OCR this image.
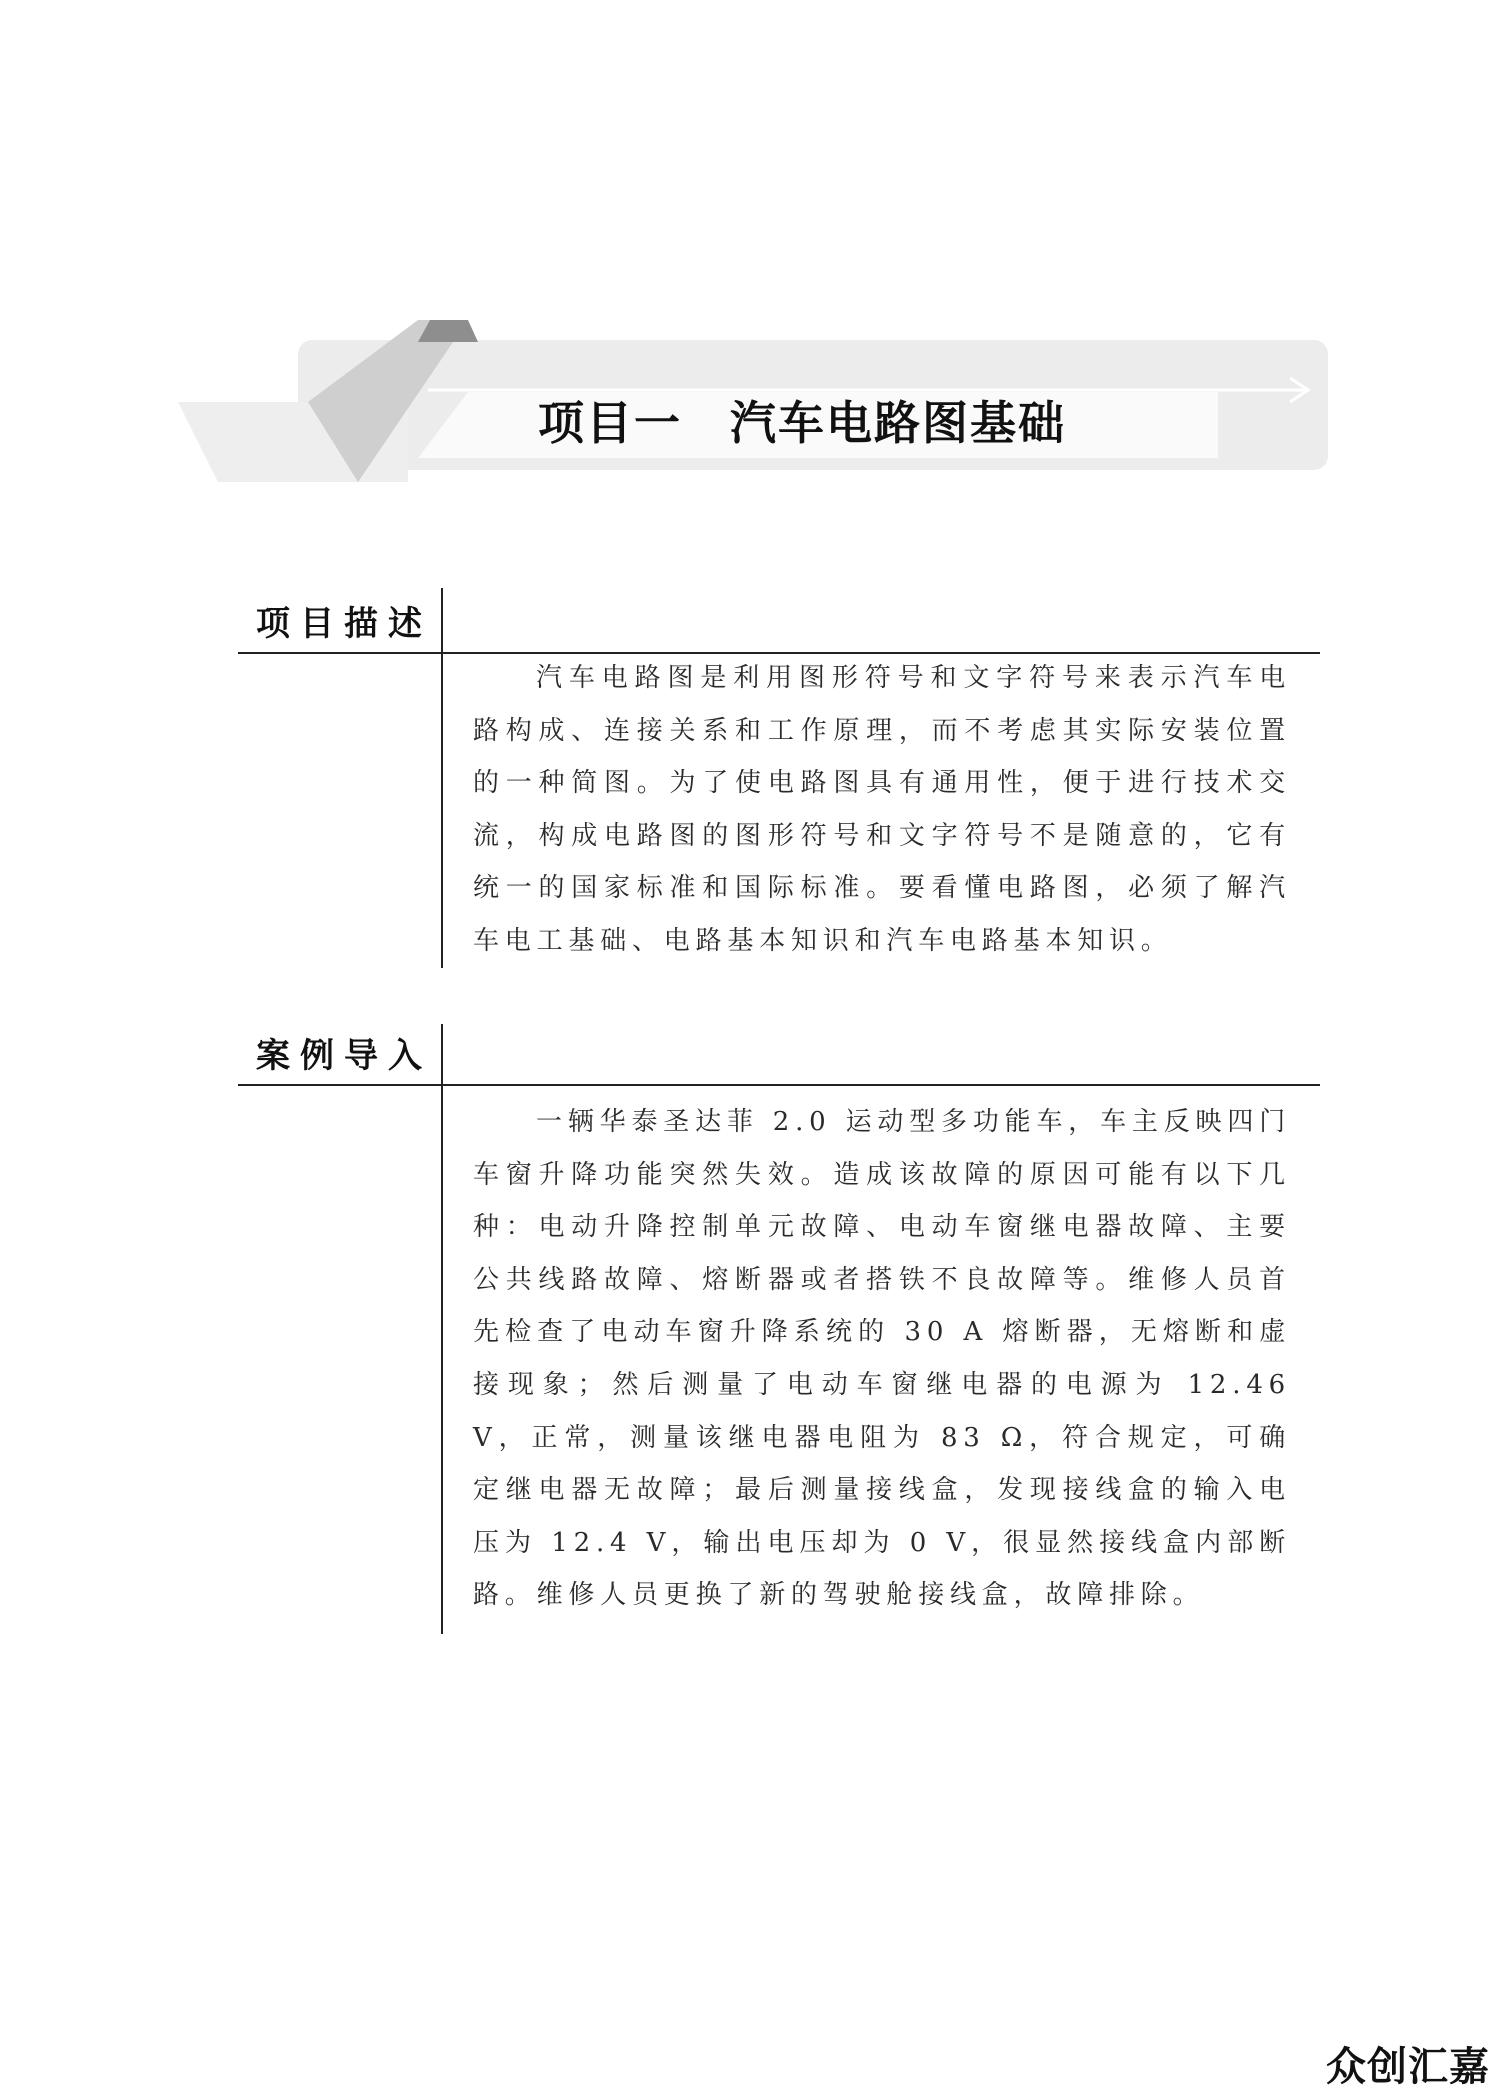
项目一　汽车电路图基础
项目描述
汽车电路图是利用图形符号和文字符号来表示汽车电路构成、连接关系和工作原理，而不考虑其实际安装位置的一种简图。为了使电路图具有通用性，便于进行技术交流，构成电路图的图形符号和文字符号不是随意的，它有统一的国家标准和国际标准。要看懂电路图，必须了解汽车电工基础、电路基本知识和汽车电路基本知识。
案例导入
一辆华泰圣达菲 2.0 运动型多功能车，车主反映四门车窗升降功能突然失效。造成该故障的原因可能有以下几种：电动升降控制单元故障、电动车窗继电器故障、主要公共线路故障、熔断器或者搭铁不良故障等。维修人员首先检查了电动车窗升降系统的 30 A 熔断器，无熔断和虚接现象；然后测量了电动车窗继电器的电源为 12.46 V，正常，测量该继电器电阻为 83 Ω，符合规定，可确定继电器无故障；最后测量接线盒，发现接线盒的输入电压为 12.4 V，输出电压却为 0 V，很显然接线盒内部断路。维修人员更换了新的驾驶舱接线盒，故障排除。
众创汇嘉
